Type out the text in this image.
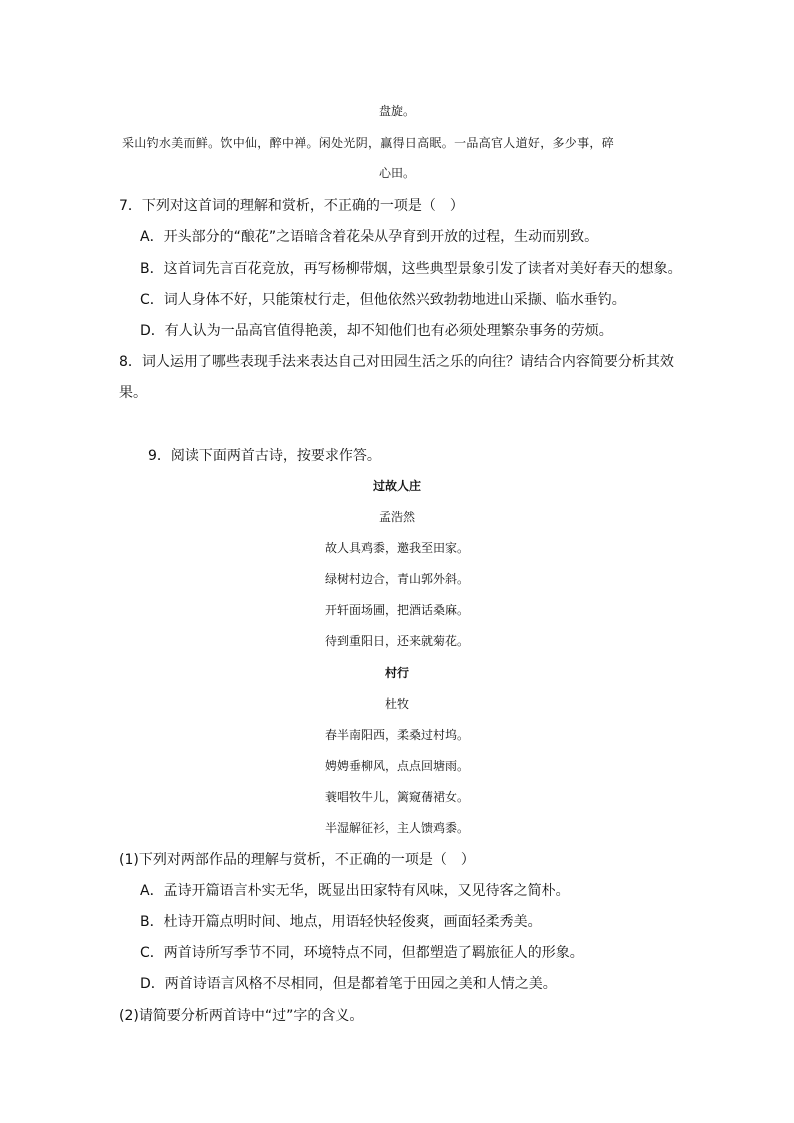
盘旋。
采山钓水美而鲜。饮中仙，醉中禅。闲处光阴，赢得日高眠。一品高官人道好，多少事，碎
心田。
7．下列对这首词的理解和赏析，不正确的一项是（　）
A．开头部分的“酿花”之语暗含着花朵从孕育到开放的过程，生动而别致。
B．这首词先言百花竞放，再写杨柳带烟，这些典型景象引发了读者对美好春天的想象。
C．词人身体不好，只能策杖行走，但他依然兴致勃勃地进山采撷、临水垂钓。
D．有人认为一品高官值得艳羡，却不知他们也有必须处理繁杂事务的劳烦。
8．词人运用了哪些表现手法来表达自己对田园生活之乐的向往？请结合内容简要分析其效
果。
9．阅读下面两首古诗，按要求作答。
过故人庄
孟浩然
故人具鸡黍，邀我至田家。
绿树村边合，青山郭外斜。
开轩面场圃，把酒话桑麻。
待到重阳日，还来就菊花。
村行
杜牧
春半南阳西，柔桑过村坞。
娉娉垂柳风，点点回塘雨。
蓑唱牧牛儿，篱窥蒨裙女。
半湿解征衫，主人馈鸡黍。
(1)下列对两部作品的理解与赏析，不正确的一项是（　）
A．孟诗开篇语言朴实无华，既显出田家特有风味，又见待客之简朴。
B．杜诗开篇点明时间、地点，用语轻快轻俊爽，画面轻柔秀美。
C．两首诗所写季节不同，环境特点不同，但都塑造了羁旅征人的形象。
D．两首诗语言风格不尽相同，但是都着笔于田园之美和人情之美。
(2)请简要分析两首诗中“过”字的含义。
